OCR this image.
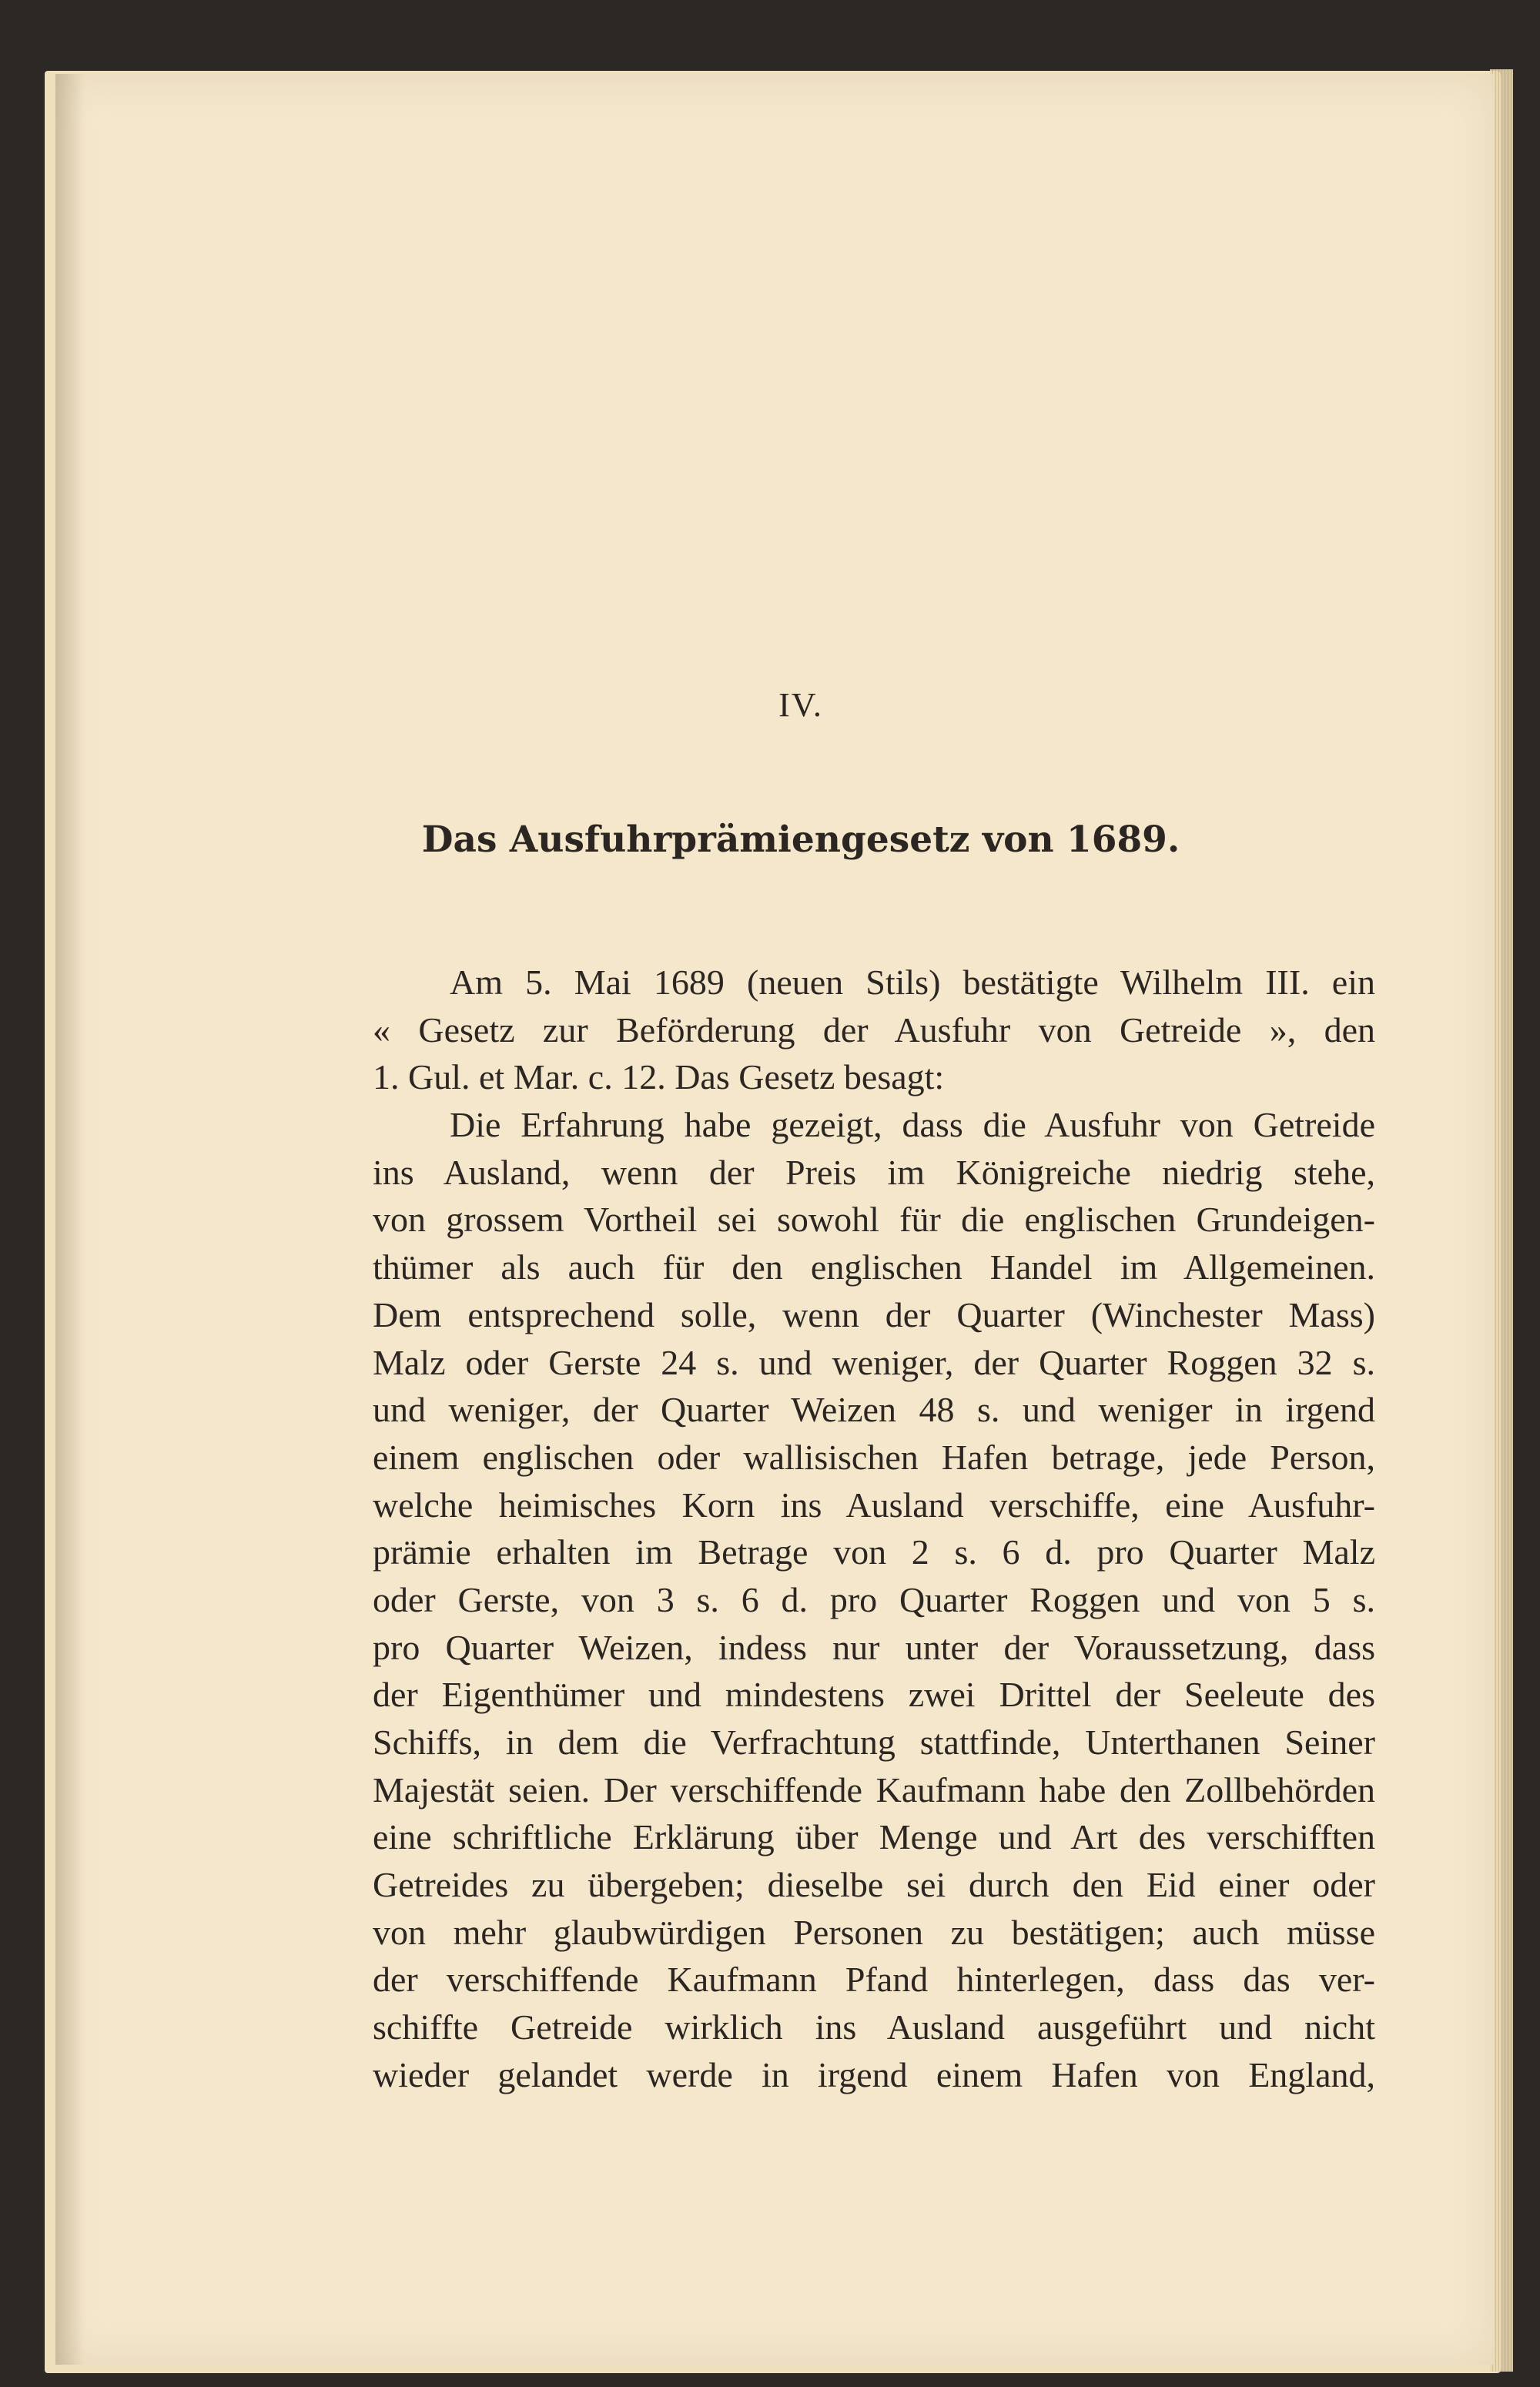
IV.
Das Ausfuhrprämiengesetz von 1689.
Am 5. Mai 1689 (neuen Stils) bestätigte Wilhelm III. ein
« Gesetz zur Beförderung der Ausfuhr von Getreide », den
1. Gul. et Mar. c. 12. Das Gesetz besagt:
Die Erfahrung habe gezeigt, dass die Ausfuhr von Getreide
ins Ausland, wenn der Preis im Königreiche niedrig stehe,
von grossem Vortheil sei sowohl für die englischen Grundeigen-
thümer als auch für den englischen Handel im Allgemeinen.
Dem entsprechend solle, wenn der Quarter (Winchester Mass)
Malz oder Gerste 24 s. und weniger, der Quarter Roggen 32 s.
und weniger, der Quarter Weizen 48 s. und weniger in irgend
einem englischen oder wallisischen Hafen betrage, jede Person,
welche heimisches Korn ins Ausland verschiffe, eine Ausfuhr-
prämie erhalten im Betrage von 2 s. 6 d. pro Quarter Malz
oder Gerste, von 3 s. 6 d. pro Quarter Roggen und von 5 s.
pro Quarter Weizen, indess nur unter der Voraussetzung, dass
der Eigenthümer und mindestens zwei Drittel der Seeleute des
Schiffs, in dem die Verfrachtung stattfinde, Unterthanen Seiner
Majestät seien. Der verschiffende Kaufmann habe den Zollbehörden
eine schriftliche Erklärung über Menge und Art des verschifften
Getreides zu übergeben; dieselbe sei durch den Eid einer oder
von mehr glaubwürdigen Personen zu bestätigen; auch müsse
der verschiffende Kaufmann Pfand hinterlegen, dass das ver-
schiffte Getreide wirklich ins Ausland ausgeführt und nicht
wieder gelandet werde in irgend einem Hafen von England,
